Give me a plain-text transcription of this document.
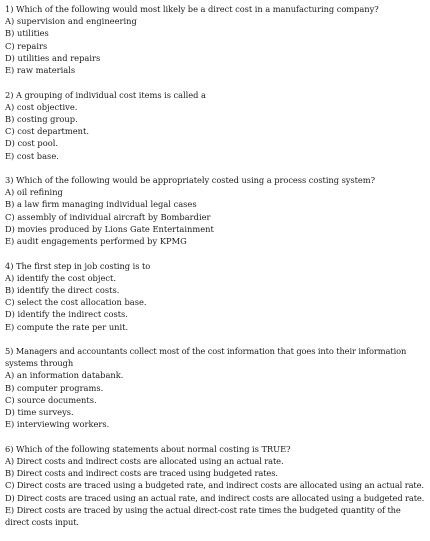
1) Which of the following would most likely be a direct cost in a manufacturing company?
A) supervision and engineering
B) utilities
C) repairs
D) utilities and repairs
E) raw materials
2) A grouping of individual cost items is called a
A) cost objective.
B) costing group.
C) cost department.
D) cost pool.
E) cost base.
3) Which of the following would be appropriately costed using a process costing system?
A) oil refining
B) a law firm managing individual legal cases
C) assembly of individual aircraft by Bombardier
D) movies produced by Lions Gate Entertainment
E) audit engagements performed by KPMG
4) The first step in job costing is to
A) identify the cost object.
B) identify the direct costs.
C) select the cost allocation base.
D) identify the indirect costs.
E) compute the rate per unit.
5) Managers and accountants collect most of the cost information that goes into their information systems through
A) an information databank.
B) computer programs.
C) source documents.
D) time surveys.
E) interviewing workers.
6) Which of the following statements about normal costing is TRUE?
A) Direct costs and indirect costs are allocated using an actual rate.
B) Direct costs and indirect costs are traced using budgeted rates.
C) Direct costs are traced using a budgeted rate, and indirect costs are allocated using an actual rate.
D) Direct costs are traced using an actual rate, and indirect costs are allocated using a budgeted rate.
E) Direct costs are traced by using the actual direct-cost rate times the budgeted quantity of the direct costs input.
